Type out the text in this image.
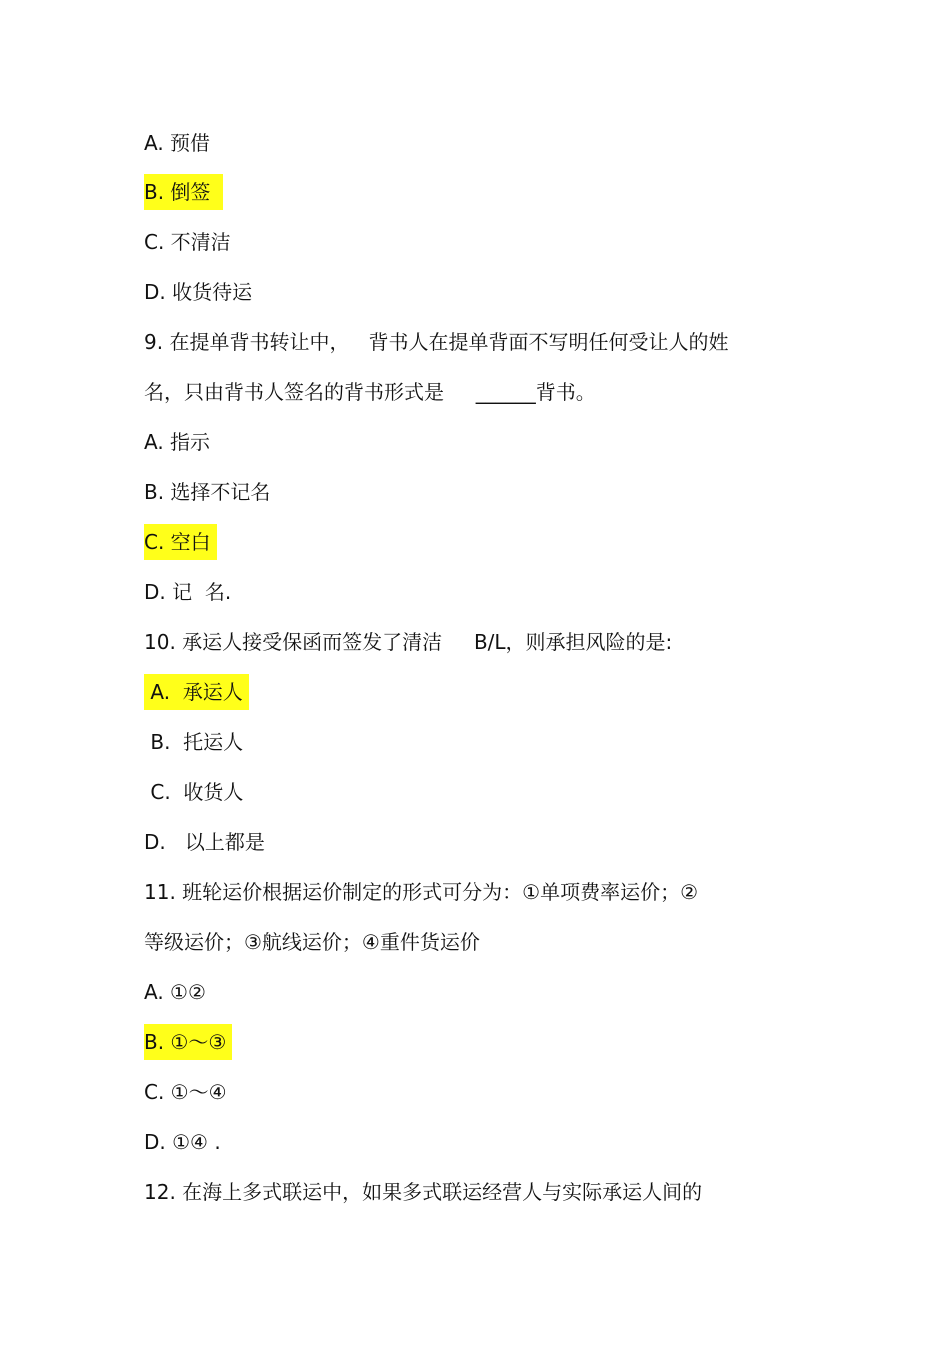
A. 预借
B. 倒签
C. 不清洁
D. 收货待运
9. 在提单背书转让中，   背书人在提单背面不写明任何受让人的姓
名，只由背书人签名的背书形式是     ______背书。
A. 指示
B. 选择不记名
C. 空白
D. 记  名.
10. 承运人接受保函而签发了清洁     B/L，则承担风险的是:
A.  承运人
B.  托运人
C.  收货人
D.   以上都是
11. 班轮运价根据运价制定的形式可分为：①单项费率运价；②
等级运价；③航线运价；④重件货运价
A. ①②
B. ①～③
C. ①～④
D. ①④ .
12. 在海上多式联运中，如果多式联运经营人与实际承运人间的
